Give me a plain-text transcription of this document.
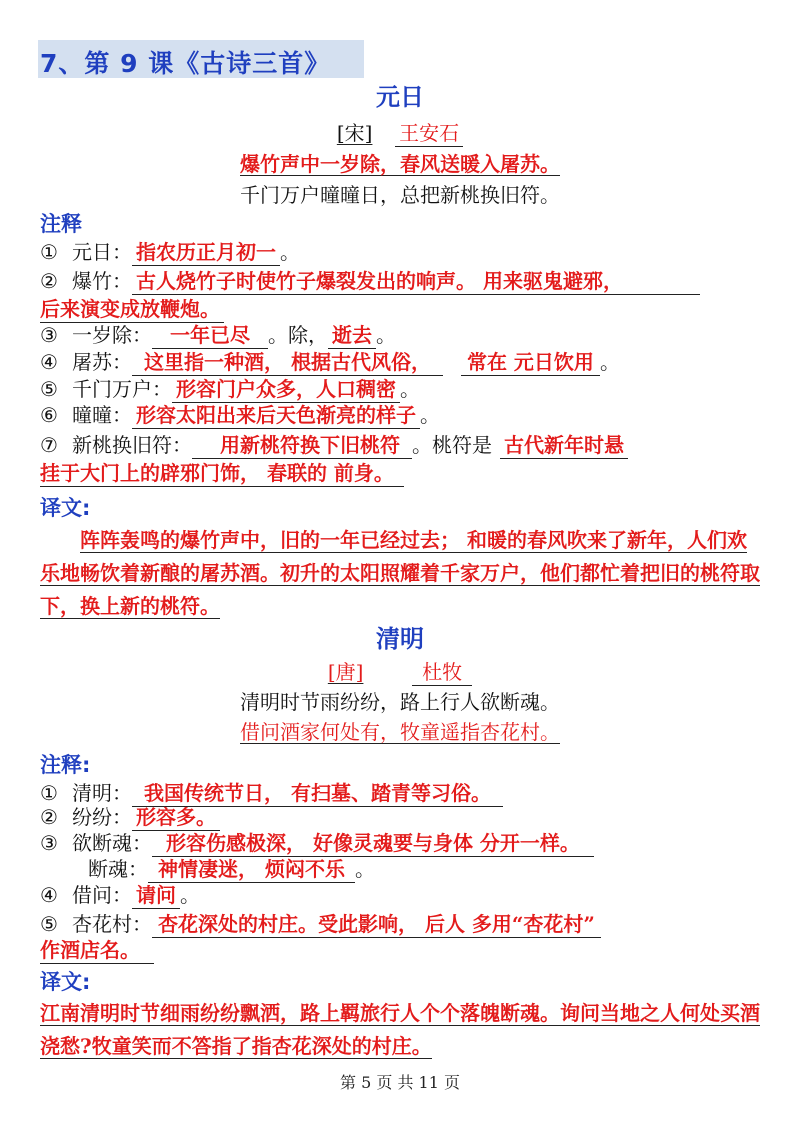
7、第 9 课《古诗三首》
元日
[宋] 王安石
爆竹声中一岁除，春风送暖入屠苏。
千门万户曈曈日，总把新桃换旧符。
注释
① 元日： 指农历正月初一 。
② 爆竹： 古人烧竹子时使竹子爆裂发出的响声。 用来驱鬼避邪，
后来演变成放鞭炮。
③ 一岁除： 一年已尽 。除， 逝去 。
④ 屠苏： 这里指一种酒， 根据古代风俗， 常在 元日饮用 。
⑤ 千门万户： 形容门户众多，人口稠密 。
⑥ 曈曈： 形容太阳出来后天色渐亮的样子 。
⑦ 新桃换旧符： 用新桃符换下旧桃符 。桃符是 古代新年时悬
挂于大门上的辟邪门饰， 春联的 前身。
译文:
阵阵轰鸣的爆竹声中，旧的一年已经过去； 和暖的春风吹来了新年，人们欢乐地畅饮着新酿的屠苏酒。初升的太阳照耀着千家万户，他们都忙着把旧的桃符取下，换上新的桃符。
清明
[唐]	杜牧
清明时节雨纷纷，路上行人欲断魂。
借问酒家何处有，牧童遥指杏花村。
注释:
① 清明： 我国传统节日， 有扫墓、踏青等习俗。
② 纷纷： 形容多。
③ 欲断魂： 形容伤感极深， 好像灵魂要与身体 分开一样。
断魂： 神情凄迷， 烦闷不乐 。
④ 借问： 请问 。
⑤ 杏花村： 杏花深处的村庄。受此影响， 后人 多用“杏花村”
作酒店名。
译文:
江南清明时节细雨纷纷飘洒，路上羁旅行人个个落魄断魂。询问当地之人何处买酒浇愁?牧童笑而不答指了指杏花深处的村庄。
第 5 页 共 11 页
